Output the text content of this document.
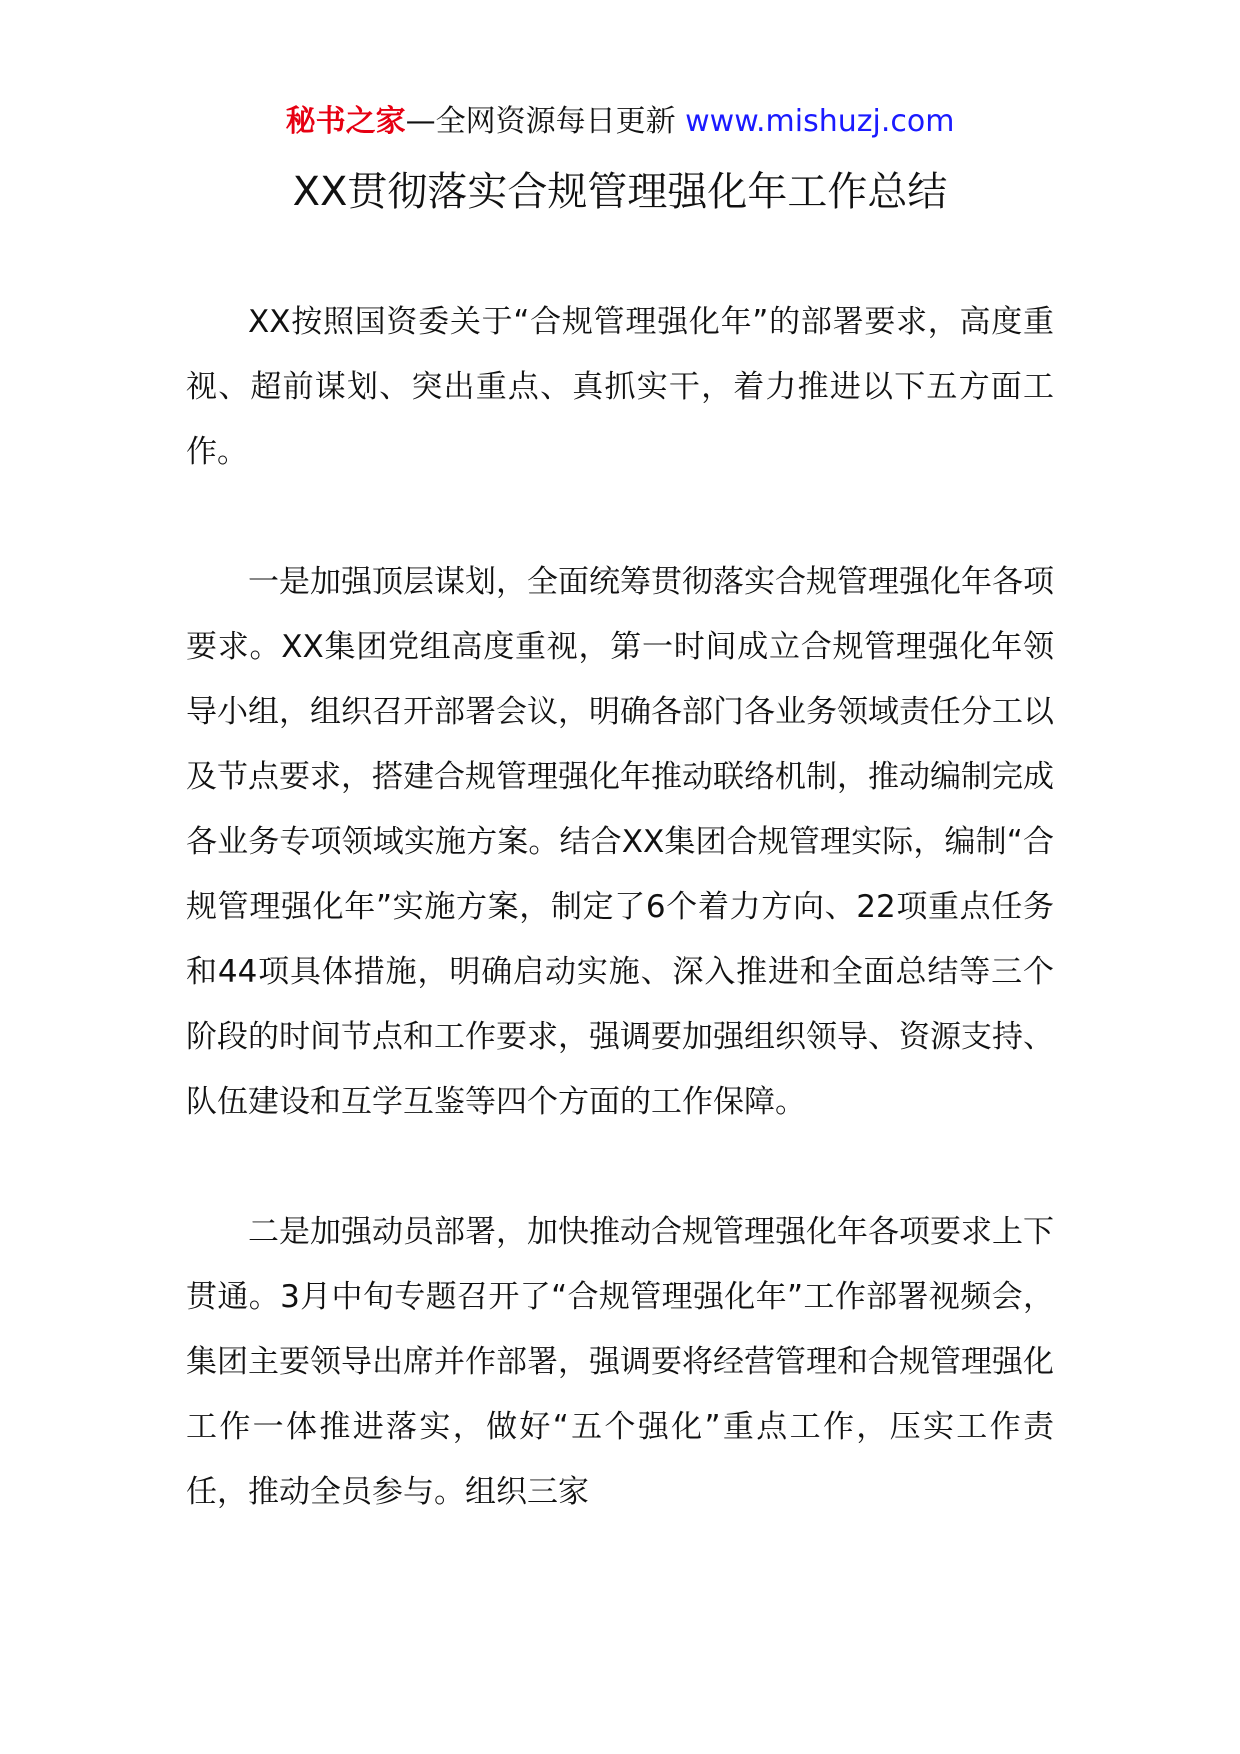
秘书之家—全网资源每日更新 www.mishuzj.com
XX贯彻落实合规管理强化年工作总结

XX按照国资委关于“合规管理强化年”的部署要求，高度重视、超前谋划、突出重点、真抓实干，着力推进以下五方面工作。

一是加强顶层谋划，全面统筹贯彻落实合规管理强化年各项要求。XX集团党组高度重视，第一时间成立合规管理强化年领导小组，组织召开部署会议，明确各部门各业务领域责任分工以及节点要求，搭建合规管理强化年推动联络机制，推动编制完成各业务专项领域实施方案。结合XX集团合规管理实际，编制“合规管理强化年”实施方案，制定了6个着力方向、22项重点任务和44项具体措施，明确启动实施、深入推进和全面总结等三个阶段的时间节点和工作要求，强调要加强组织领导、资源支持、队伍建设和互学互鉴等四个方面的工作保障。

二是加强动员部署，加快推动合规管理强化年各项要求上下贯通。3月中旬专题召开了“合规管理强化年”工作部署视频会，集团主要领导出席并作部署，强调要将经营管理和合规管理强化工作一体推进落实，做好“五个强化”重点工作，压实工作责任，推动全员参与。组织三家
